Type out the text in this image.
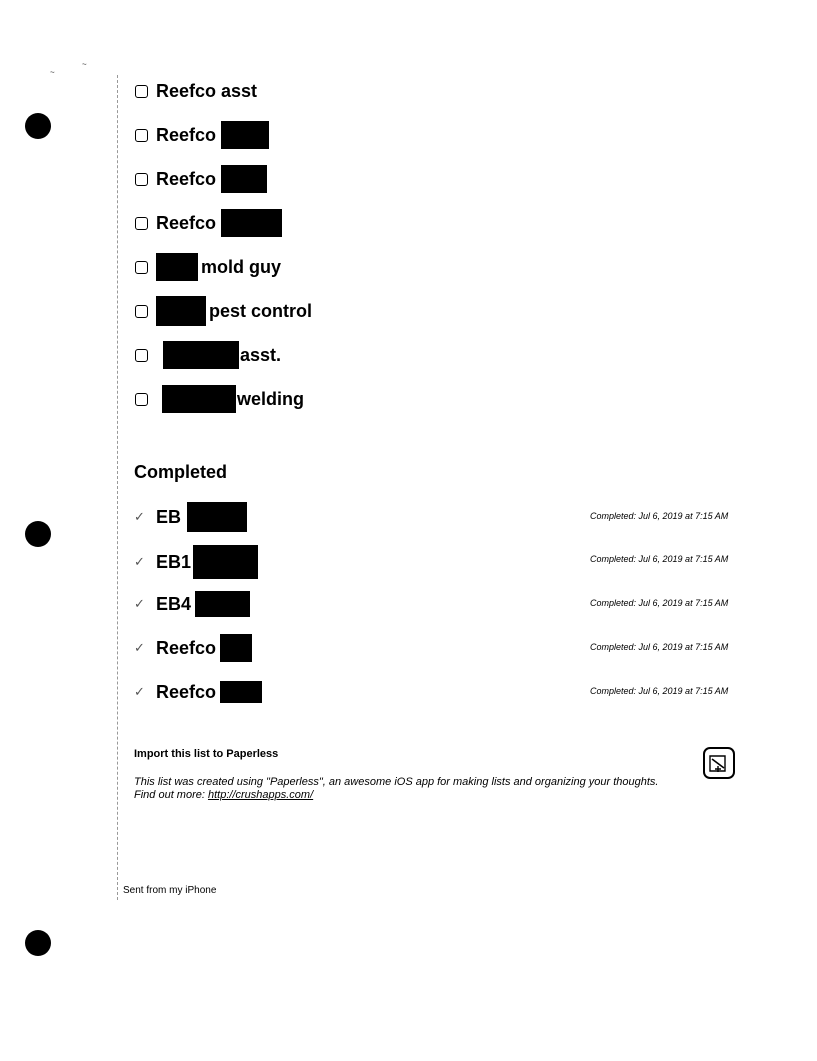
~
~
Reefco asst
Reefco
Reefco
Reefco
mold guy
pest control
asst.
welding
Completed
✓ EB	Completed: Jul 6, 2019 at 7:15 AM
✓ EB1	Completed: Jul 6, 2019 at 7:15 AM
✓ EB4	Completed: Jul 6, 2019 at 7:15 AM
✓ Reefco	Completed: Jul 6, 2019 at 7:15 AM
✓ Reefco	Completed: Jul 6, 2019 at 7:15 AM
Import this list to Paperless
This list was created using "Paperless", an awesome iOS app for making lists and organizing your thoughts. Find out more: http://crushapps.com/
Sent from my iPhone
